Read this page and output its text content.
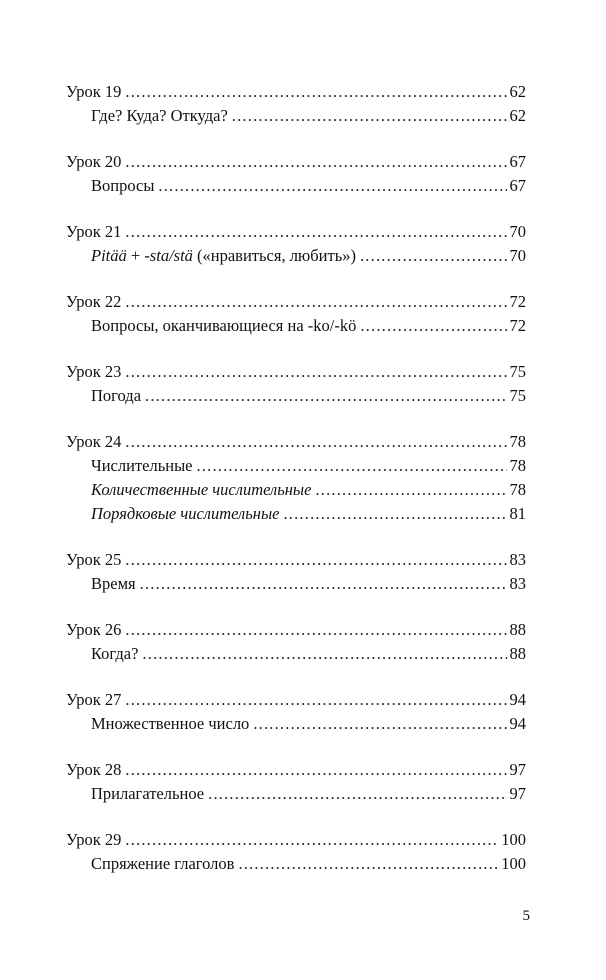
Урок 19 .....	62
Где? Куда? Откуда? .....	62
Урок 20 .....	67
Вопросы .....	67
Урок 21 .....	70
Pitää + -sta/stä («нравиться, любить») .....	70
Урок 22 .....	72
Вопросы, оканчивающиеся на -ko/-kö .....	72
Урок 23 .....	75
Погода .....	75
Урок 24 .....	78
Числительные .....	78
Количественные числительные .....	78
Порядковые числительные .....	81
Урок 25 .....	83
Время .....	83
Урок 26 .....	88
Когда? .....	88
Урок 27 .....	94
Множественное число .....	94
Урок 28 .....	97
Прилагательное .....	97
Урок 29 .....	100
Спряжение глаголов .....	100
5
